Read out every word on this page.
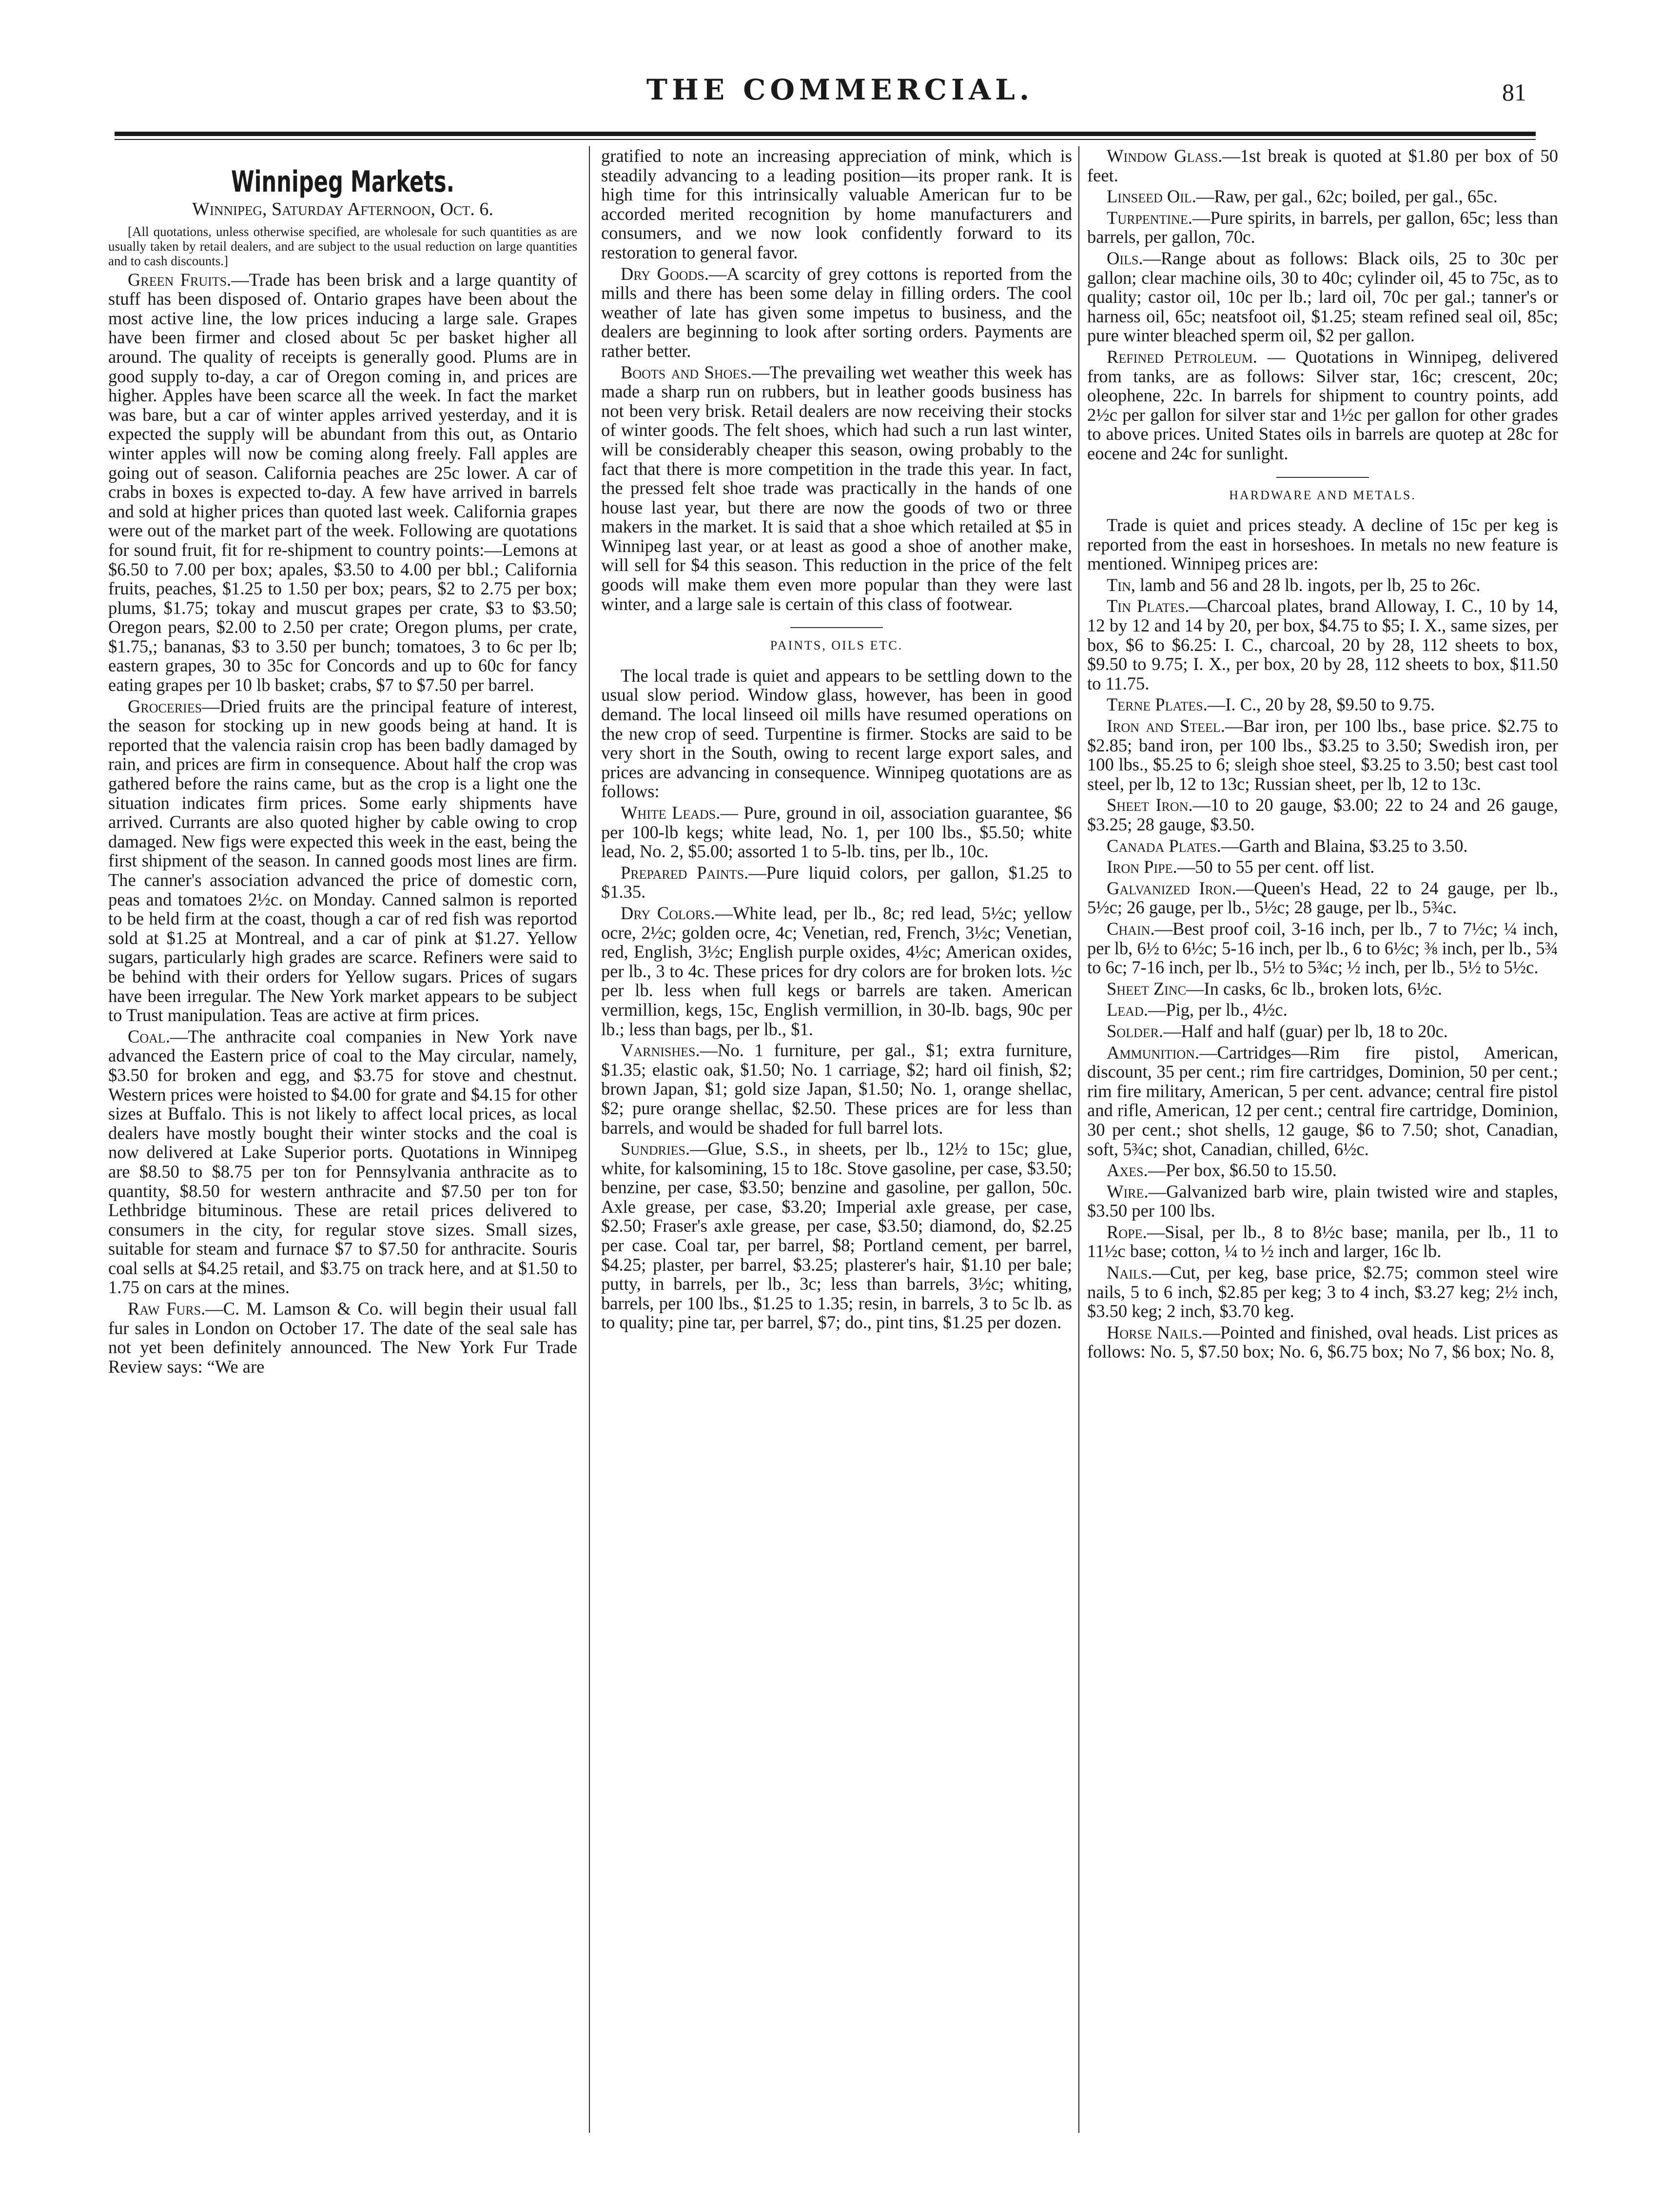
THE COMMERCIAL.	81
Winnipeg Markets.
Winnipeg, Saturday Afternoon, Oct. 6.

[All quotations, unless otherwise specified, are wholesale for such quantities as are usually taken by retail dealers, and are subject to the usual reduction on large quantities and to cash discounts.]

Green Fruits.—Trade has been brisk and a large quantity of stuff has been disposed of. Ontario grapes have been about the most active line, the low prices inducing a large sale. Grapes have been firmer and closed about 5c per basket higher all around. The quality of receipts is generally good. Plums are in good supply to-day, a car of Oregon coming in, and prices are higher. Apples have been scarce all the week. In fact the market was bare, but a car of winter apples arrived yesterday, and it is expected the supply will be abundant from this out, as Ontario winter apples will now be coming along freely. Fall apples are going out of season. California peaches are 25c lower. A car of crabs in boxes is expected to-day. A few have arrived in barrels and sold at higher prices than quoted last week. California grapes were out of the market part of the week. Following are quotations for sound fruit, fit for re-shipment to country points:—Lemons at $6.50 to 7.00 per box; apales, $3.50 to 4.00 per bbl.; California fruits, peaches, $1.25 to 1.50 per box; pears, $2 to 2.75 per box; plums, $1.75; tokay and muscut grapes per crate, $3 to $3.50; Oregon pears, $2.00 to 2.50 per crate; Oregon plums, per crate, $1.75,; bananas, $3 to 3.50 per bunch; tomatoes, 3 to 6c per lb; eastern grapes, 30 to 35c for Concords and up to 60c for fancy eating grapes per 10 lb basket; crabs, $7 to $7.50 per barrel.

Groceries—Dried fruits are the principal feature of interest, the season for stocking up in new goods being at hand. It is reported that the valencia raisin crop has been badly damaged by rain, and prices are firm in consequence. About half the crop was gathered before the rains came, but as the crop is a light one the situation indicates firm prices. Some early shipments have arrived. Currants are also quoted higher by cable owing to crop damaged. New figs were expected this week in the east, being the first shipment of the season. In canned goods most lines are firm. The canner's association advanced the price of domestic corn, peas and tomatoes 2½c. on Monday. Canned salmon is reported to be held firm at the coast, though a car of red fish was reportod sold at $1.25 at Montreal, and a car of pink at $1.27. Yellow sugars, particularly high grades are scarce. Refiners were said to be behind with their orders for Yellow sugars. Prices of sugars have been irregular. The New York market appears to be subject to Trust manipulation. Teas are active at firm prices.

Coal.—The anthracite coal companies in New York nave advanced the Eastern price of coal to the May circular, namely, $3.50 for broken and egg, and $3.75 for stove and chestnut. Western prices were hoisted to $4.00 for grate and $4.15 for other sizes at Buffalo. This is not likely to affect local prices, as local dealers have mostly bought their winter stocks and the coal is now delivered at Lake Superior ports. Quotations in Winnipeg are $8.50 to $8.75 per ton for Pennsylvania anthracite as to quantity, $8.50 for western anthracite and $7.50 per ton for Lethbridge bituminous. These are retail prices delivered to consumers in the city, for regular stove sizes. Small sizes, suitable for steam and furnace $7 to $7.50 for anthracite. Souris coal sells at $4.25 retail, and $3.75 on track here, and at $1.50 to 1.75 on cars at the mines.

Raw Furs.—C. M. Lamson & Co. will begin their usual fall fur sales in London on October 17. The date of the seal sale has not yet been definitely announced. The New York Fur Trade Review says: “We are

gratified to note an increasing appreciation of mink, which is steadily advancing to a leading position—its proper rank. It is high time for this intrinsically valuable American fur to be accorded merited recognition by home manufacturers and consumers, and we now look confidently forward to its restoration to general favor.

Dry Goods.—A scarcity of grey cottons is reported from the mills and there has been some delay in filling orders. The cool weather of late has given some impetus to business, and the dealers are beginning to look after sorting orders. Payments are rather better.

Boots and Shoes.—The prevailing wet weather this week has made a sharp run on rubbers, but in leather goods business has not been very brisk. Retail dealers are now receiving their stocks of winter goods. The felt shoes, which had such a run last winter, will be considerably cheaper this season, owing probably to the fact that there is more competition in the trade this year. In fact, the pressed felt shoe trade was practically in the hands of one house last year, but there are now the goods of two or three makers in the market. It is said that a shoe which retailed at $5 in Winnipeg last year, or at least as good a shoe of another make, will sell for $4 this season. This reduction in the price of the felt goods will make them even more popular than they were last winter, and a large sale is certain of this class of footwear.

PAINTS, OILS ETC.

The local trade is quiet and appears to be settling down to the usual slow period. Window glass, however, has been in good demand. The local linseed oil mills have resumed operations on the new crop of seed. Turpentine is firmer. Stocks are said to be very short in the South, owing to recent large export sales, and prices are advancing in consequence. Winnipeg quotations are as follows:

White Leads.— Pure, ground in oil, association guarantee, $6 per 100-lb kegs; white lead, No. 1, per 100 lbs., $5.50; white lead, No. 2, $5.00; assorted 1 to 5-lb. tins, per lb., 10c.

Prepared Paints.—Pure liquid colors, per gallon, $1.25 to $1.35.

Dry Colors.—White lead, per lb., 8c; red lead, 5½c; yellow ocre, 2½c; golden ocre, 4c; Venetian, red, French, 3½c; Venetian, red, English, 3½c; English purple oxides, 4½c; American oxides, per lb., 3 to 4c. These prices for dry colors are for broken lots. ½c per lb. less when full kegs or barrels are taken. American vermillion, kegs, 15c, English vermillion, in 30-lb. bags, 90c per lb.; less than bags, per lb., $1.

Varnishes.—No. 1 furniture, per gal., $1; extra furniture, $1.35; elastic oak, $1.50; No. 1 carriage, $2; hard oil finish, $2; brown Japan, $1; gold size Japan, $1.50; No. 1, orange shellac, $2; pure orange shellac, $2.50. These prices are for less than barrels, and would be shaded for full barrel lots.

Sundries.—Glue, S.S., in sheets, per lb., 12½ to 15c; glue, white, for kalsomining, 15 to 18c. Stove gasoline, per case, $3.50; benzine, per case, $3.50; benzine and gasoline, per gallon, 50c. Axle grease, per case, $3.20; Imperial axle grease, per case, $2.50; Fraser's axle grease, per case, $3.50; diamond, do, $2.25 per case. Coal tar, per barrel, $8; Portland cement, per barrel, $4.25; plaster, per barrel, $3.25; plasterer's hair, $1.10 per bale; putty, in barrels, per lb., 3c; less than barrels, 3½c; whiting, barrels, per 100 lbs., $1.25 to 1.35; resin, in barrels, 3 to 5c lb. as to quality; pine tar, per barrel, $7; do., pint tins, $1.25 per dozen.

Window Glass.—1st break is quoted at $1.80 per box of 50 feet.

Linseed Oil.—Raw, per gal., 62c; boiled, per gal., 65c.

Turpentine.—Pure spirits, in barrels, per gallon, 65c; less than barrels, per gallon, 70c.

Oils.—Range about as follows: Black oils, 25 to 30c per gallon; clear machine oils, 30 to 40c; cylinder oil, 45 to 75c, as to quality; castor oil, 10c per lb.; lard oil, 70c per gal.; tanner's or harness oil, 65c; neatsfoot oil, $1.25; steam refined seal oil, 85c; pure winter bleached sperm oil, $2 per gallon.

Refined Petroleum. — Quotations in Winnipeg, delivered from tanks, are as follows: Silver star, 16c; crescent, 20c; oleophene, 22c. In barrels for shipment to country points, add 2½c per gallon for silver star and 1½c per gallon for other grades to above prices. United States oils in barrels are quotep at 28c for eocene and 24c for sunlight.

HARDWARE AND METALS.

Trade is quiet and prices steady. A decline of 15c per keg is reported from the east in horseshoes. In metals no new feature is mentioned. Winnipeg prices are:

Tin, lamb and 56 and 28 lb. ingots, per lb, 25 to 26c.

Tin Plates.—Charcoal plates, brand Alloway, I. C., 10 by 14, 12 by 12 and 14 by 20, per box, $4.75 to $5; I. X., same sizes, per box, $6 to $6.25: I. C., charcoal, 20 by 28, 112 sheets to box, $9.50 to 9.75; I. X., per box, 20 by 28, 112 sheets to box, $11.50 to 11.75.

Terne Plates.—I. C., 20 by 28, $9.50 to 9.75.

Iron and Steel.—Bar iron, per 100 lbs., base price. $2.75 to $2.85; band iron, per 100 lbs., $3.25 to 3.50; Swedish iron, per 100 lbs., $5.25 to 6; sleigh shoe steel, $3.25 to 3.50; best cast tool steel, per lb, 12 to 13c; Russian sheet, per lb, 12 to 13c.

Sheet Iron.—10 to 20 gauge, $3.00; 22 to 24 and 26 gauge, $3.25; 28 gauge, $3.50.

Canada Plates.—Garth and Blaina, $3.25 to 3.50.

Iron Pipe.—50 to 55 per cent. off list.

Galvanized Iron.—Queen's Head, 22 to 24 gauge, per lb., 5½c; 26 gauge, per lb., 5½c; 28 gauge, per lb., 5¾c.

Chain.—Best proof coil, 3-16 inch, per lb., 7 to 7½c; ¼ inch, per lb, 6½ to 6½c; 5-16 inch, per lb., 6 to 6½c; ⅜ inch, per lb., 5¾ to 6c; 7-16 inch, per lb., 5½ to 5¾c; ½ inch, per lb., 5½ to 5½c.

Sheet Zinc—In casks, 6c lb., broken lots, 6½c.

Lead.—Pig, per lb., 4½c.

Solder.—Half and half (guar) per lb, 18 to 20c.

Ammunition.—Cartridges—Rim fire pistol, American, discount, 35 per cent.; rim fire cartridges, Dominion, 50 per cent.; rim fire military, American, 5 per cent. advance; central fire pistol and rifle, American, 12 per cent.; central fire cartridge, Dominion, 30 per cent.; shot shells, 12 gauge, $6 to 7.50; shot, Canadian, soft, 5¾c; shot, Canadian, chilled, 6½c.

Axes.—Per box, $6.50 to 15.50.

Wire.—Galvanized barb wire, plain twisted wire and staples, $3.50 per 100 lbs.

Rope.—Sisal, per lb., 8 to 8½c base; manila, per lb., 11 to 11½c base; cotton, ¼ to ½ inch and larger, 16c lb.

Nails.—Cut, per keg, base price, $2.75; common steel wire nails, 5 to 6 inch, $2.85 per keg; 3 to 4 inch, $3.27 keg; 2½ inch, $3.50 keg; 2 inch, $3.70 keg.

Horse Nails.—Pointed and finished, oval heads. List prices as follows: No. 5, $7.50 box; No. 6, $6.75 box; No 7, $6 box; No. 8,
